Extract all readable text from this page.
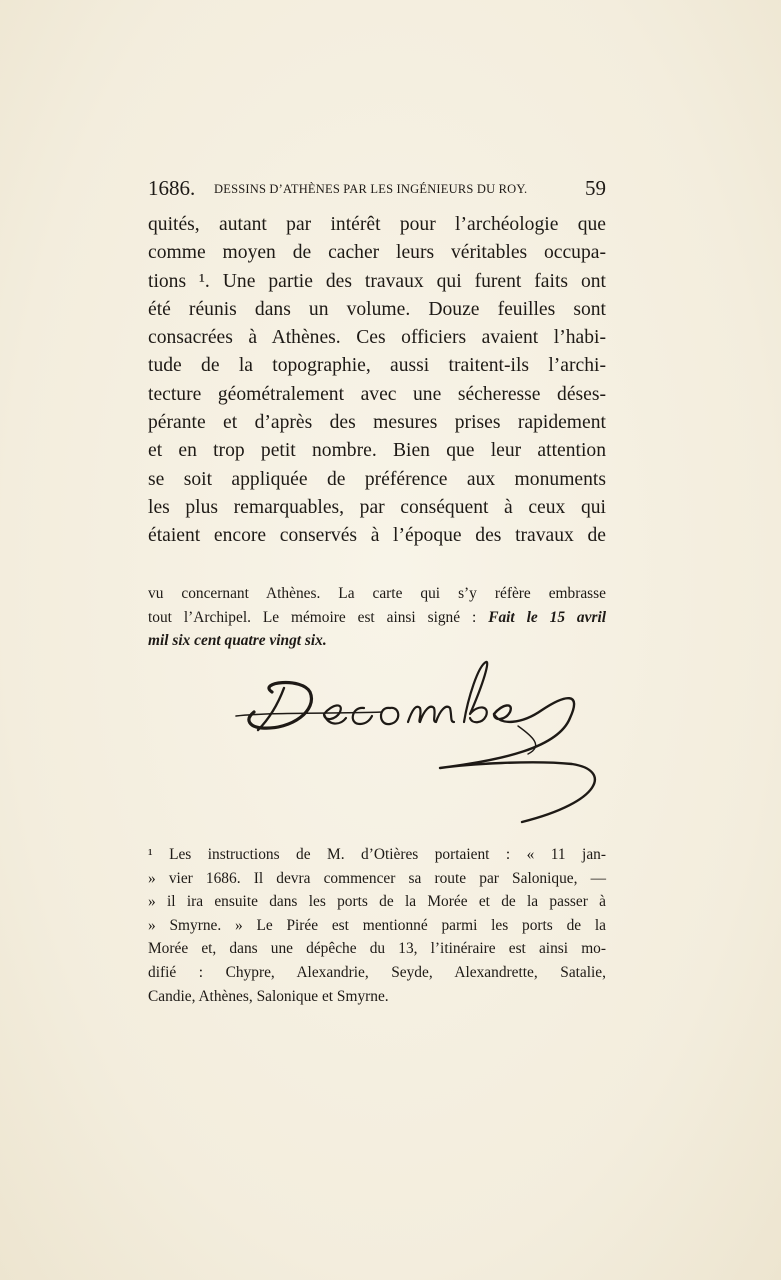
1686. DESSINS D’ATHÈNES PAR LES INGÉNIEURS DU ROY.	59
quités, autant par intérêt pour l’archéologie que
comme moyen de cacher leurs véritables occupa-
tions ¹. Une partie des travaux qui furent faits ont
été réunis dans un volume. Douze feuilles sont
consacrées à Athènes. Ces officiers avaient l’habi-
tude de la topographie, aussi traitent-ils l’archi-
tecture géométralement avec une sécheresse déses-
pérante et d’après des mesures prises rapidement
et en trop petit nombre. Bien que leur attention
se soit appliquée de préférence aux monuments
les plus remarquables, par conséquent à ceux qui
étaient encore conservés à l’époque des travaux de
vu concernant Athènes. La carte qui s’y réfère embrasse
tout l’Archipel. Le mémoire est ainsi signé : Fait le 15 avril
mil six cent quatre vingt six.
¹ Les instructions de M. d’Otières portaient : « 11 jan-
» vier 1686. Il devra commencer sa route par Salonique, —
» il ira ensuite dans les ports de la Morée et de la passer à
» Smyrne. » Le Pirée est mentionné parmi les ports de la
Morée et, dans une dépêche du 13, l’itinéraire est ainsi mo-
difié : Chypre, Alexandrie, Seyde, Alexandrette, Satalie,
Candie, Athènes, Salonique et Smyrne.
